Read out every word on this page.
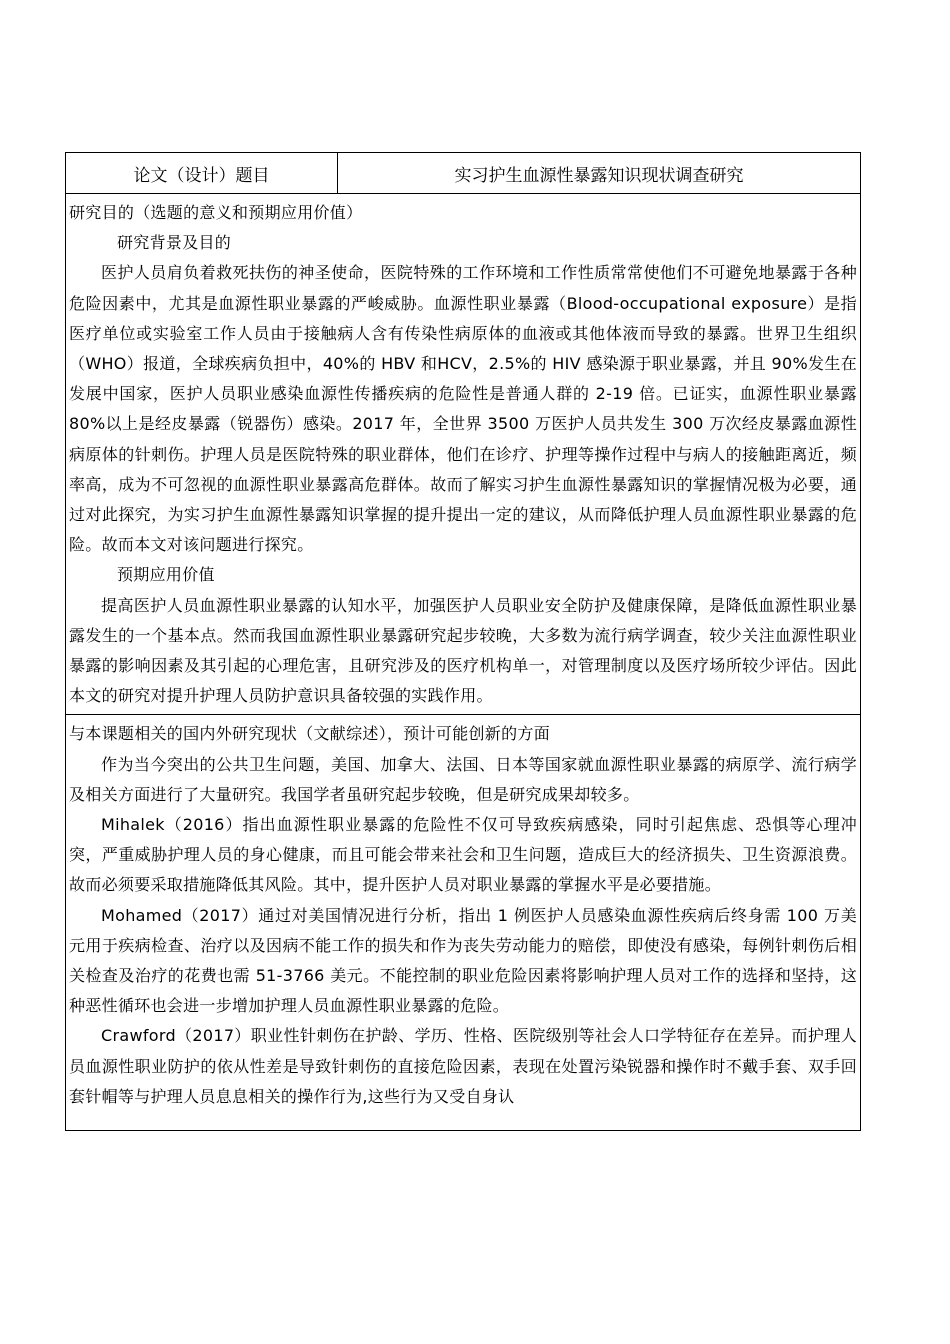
论文（设计）题目	实习护生血源性暴露知识现状调查研究

研究目的（选题的意义和预期应用价值）

研究背景及目的

医护人员肩负着救死扶伤的神圣使命，医院特殊的工作环境和工作性质常常使他们不可避免地暴露于各种危险因素中，尤其是血源性职业暴露的严峻威胁。血源性职业暴露（Blood-occupational exposure）是指医疗单位或实验室工作人员由于接触病人含有传染性病原体的血液或其他体液而导致的暴露。世界卫生组织（WHO）报道，全球疾病负担中，40%的 HBV 和HCV，2.5%的 HIV 感染源于职业暴露，并且 90%发生在发展中国家，医护人员职业感染血源性传播疾病的危险性是普通人群的 2-19 倍。已证实，血源性职业暴露 80%以上是经皮暴露（锐器伤）感染。2017 年，全世界 3500 万医护人员共发生 300 万次经皮暴露血源性病原体的针刺伤。护理人员是医院特殊的职业群体，他们在诊疗、护理等操作过程中与病人的接触距离近，频率高，成为不可忽视的血源性职业暴露高危群体。故而了解实习护生血源性暴露知识的掌握情况极为必要，通过对此探究，为实习护生血源性暴露知识掌握的提升提出一定的建议，从而降低护理人员血源性职业暴露的危险。故而本文对该问题进行探究。

预期应用价值

提高医护人员血源性职业暴露的认知水平，加强医护人员职业安全防护及健康保障，是降低血源性职业暴露发生的一个基本点。然而我国血源性职业暴露研究起步较晚，大多数为流行病学调查，较少关注血源性职业暴露的影响因素及其引起的心理危害，且研究涉及的医疗机构单一，对管理制度以及医疗场所较少评估。因此本文的研究对提升护理人员防护意识具备较强的实践作用。

与本课题相关的国内外研究现状（文献综述），预计可能创新的方面

作为当今突出的公共卫生问题，美国、加拿大、法国、日本等国家就血源性职业暴露的病原学、流行病学及相关方面进行了大量研究。我国学者虽研究起步较晚，但是研究成果却较多。

Mihalek（2016）指出血源性职业暴露的危险性不仅可导致疾病感染，同时引起焦虑、恐惧等心理冲突，严重威胁护理人员的身心健康，而且可能会带来社会和卫生问题，造成巨大的经济损失、卫生资源浪费。故而必须要采取措施降低其风险。其中，提升医护人员对职业暴露的掌握水平是必要措施。

Mohamed（2017）通过对美国情况进行分析，指出 1 例医护人员感染血源性疾病后终身需 100 万美元用于疾病检查、治疗以及因病不能工作的损失和作为丧失劳动能力的赔偿，即使没有感染，每例针刺伤后相关检查及治疗的花费也需 51-3766 美元。不能控制的职业危险因素将影响护理人员对工作的选择和坚持，这种恶性循环也会进一步增加护理人员血源性职业暴露的危险。

Crawford（2017）职业性针刺伤在护龄、学历、性格、医院级别等社会人口学特征存在差异。而护理人员血源性职业防护的依从性差是导致针刺伤的直接危险因素，表现在处置污染锐器和操作时不戴手套、双手回套针帽等与护理人员息息相关的操作行为,这些行为又受自身认
